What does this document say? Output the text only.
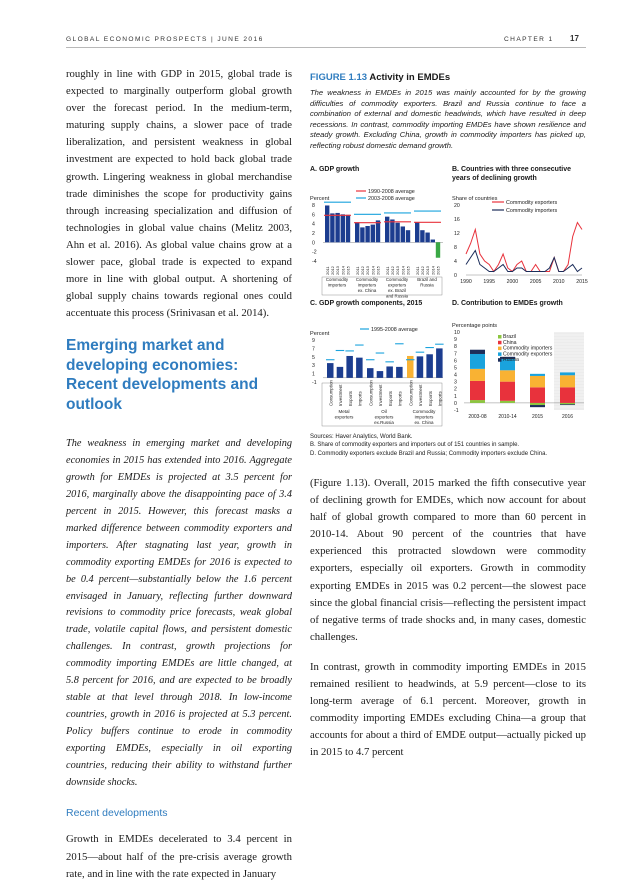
GLOBAL ECONOMIC PROSPECTS | JUNE 2016	CHAPTER 1 17

roughly in line with GDP in 2015, global trade is expected to marginally outperform global growth over the forecast period. In the medium-term, maturing supply chains, a slower pace of trade liberalization, and persistent weakness in global investment are expected to hold back global trade growth. Lingering weakness in global merchandise trade diminishes the scope for productivity gains through increasing specialization and diffusion of technologies in global value chains (Melitz 2003, Ahn et al. 2016). As global value chains grow at a slower pace, global trade is expected to expand more in line with global output. A shortening of global supply chains towards regional ones could accentuate this process (Srinivasan et al. 2014).

Emerging market and developing economies: Recent developments and outlook

The weakness in emerging market and developing economies in 2015 has extended into 2016. Aggregate growth for EMDEs is projected at 3.5 percent for 2016, marginally above the disappointing pace of 3.4 percent in 2015. However, this forecast masks a marked difference between commodity exporters and importers. After stagnating last year, growth in commodity exporting EMDEs for 2016 is expected to be 0.4 percent—substantially below the 1.6 percent envisaged in January, reflecting further downward revisions to commodity price forecasts, weak global trade, volatile capital flows, and persistent domestic challenges. In contrast, growth projections for commodity importing EMDEs are little changed, at 5.8 percent for 2016, and are expected to be broadly stable at that level through 2018. In low-income countries, growth in 2016 is projected at 5.3 percent. Policy buffers continue to erode in commodity exporting EMDEs, especially in oil exporting countries, reducing their ability to withstand further downside shocks.

Recent developments

Growth in EMDEs decelerated to 3.4 percent in 2015—about half of the pre-crisis average growth rate, and in line with the rate expected in January

FIGURE 1.13 Activity in EMDEs
The weakness in EMDEs in 2015 was mainly accounted for by the growing difficulties of commodity exporters. Brazil and Russia continue to face a combination of external and domestic headwinds, which have resulted in deep recessions. In contrast, commodity importing EMDEs have shown resilience and steady growth. Excluding China, growth in commodity importers has picked up, reflecting robust domestic demand growth.
A. GDP growth	B. Countries with three consecutive years of declining growth
C. GDP growth components, 2015	D. Contribution to EMDEs growth
8
6
4
2
0
-2
-4
Percent
2011 2012 2013 2014 2015
Commodity
importers
2011 2012 2013 2014 2015
Commodity
importers
ex. China
2011 2012 2013 2014 2015
Commodity
exporters
ex. Brazil
and Russia
2011 2012 2013 2014 2015
Brazil and
Russia
1990-2008 average
2003-2008 average
20
16
12
8
4
0
Share of countries
1990 1995 2000 2005 2010 2015
Commodity exporters
Commodity importers
9
7
5
3
1
-1
Percent
Consumption Investment Exports Imports
Metal
exporters
Consumption Investment Exports Imports
Oil
exporters
ex.Russia
Consumption Investment Exports Imports
Commodity
importers
ex. China
1995-2008 average	10
9
8
7
6
5
4
3
2
1
0
-1
Percentage points
2003-08 2010-14	2015	2016
Brazil
China
Commodity importers
Commodity exporters
Russia
Sources: Haver Analytics, World Bank.
B. Share of commodity exporters and importers out of 151 countries in sample.
D. Commodity exporters exclude Brazil and Russia; Commodity importers exclude China.

(Figure 1.13). Overall, 2015 marked the fifth consecutive year of declining growth for EMDEs, which now account for about half of global growth compared to more than 60 percent in 2010-14. About 90 percent of the countries that have experienced this protracted slowdown were commodity exporters, especially oil exporters. Growth in commodity exporting EMDEs in 2015 was 0.2 percent—the slowest pace since the global financial crisis—reflecting the persistent impact of negative terms of trade shocks and, in many cases, domestic challenges.

In contrast, growth in commodity importing EMDEs in 2015 remained resilient to headwinds, at 5.9 percent—close to its long-term average of 6.1 percent. Moreover, growth in commodity importing EMDEs excluding China—a group that accounts for about a third of EMDE output—actually picked up in 2015 to 4.7 percent
